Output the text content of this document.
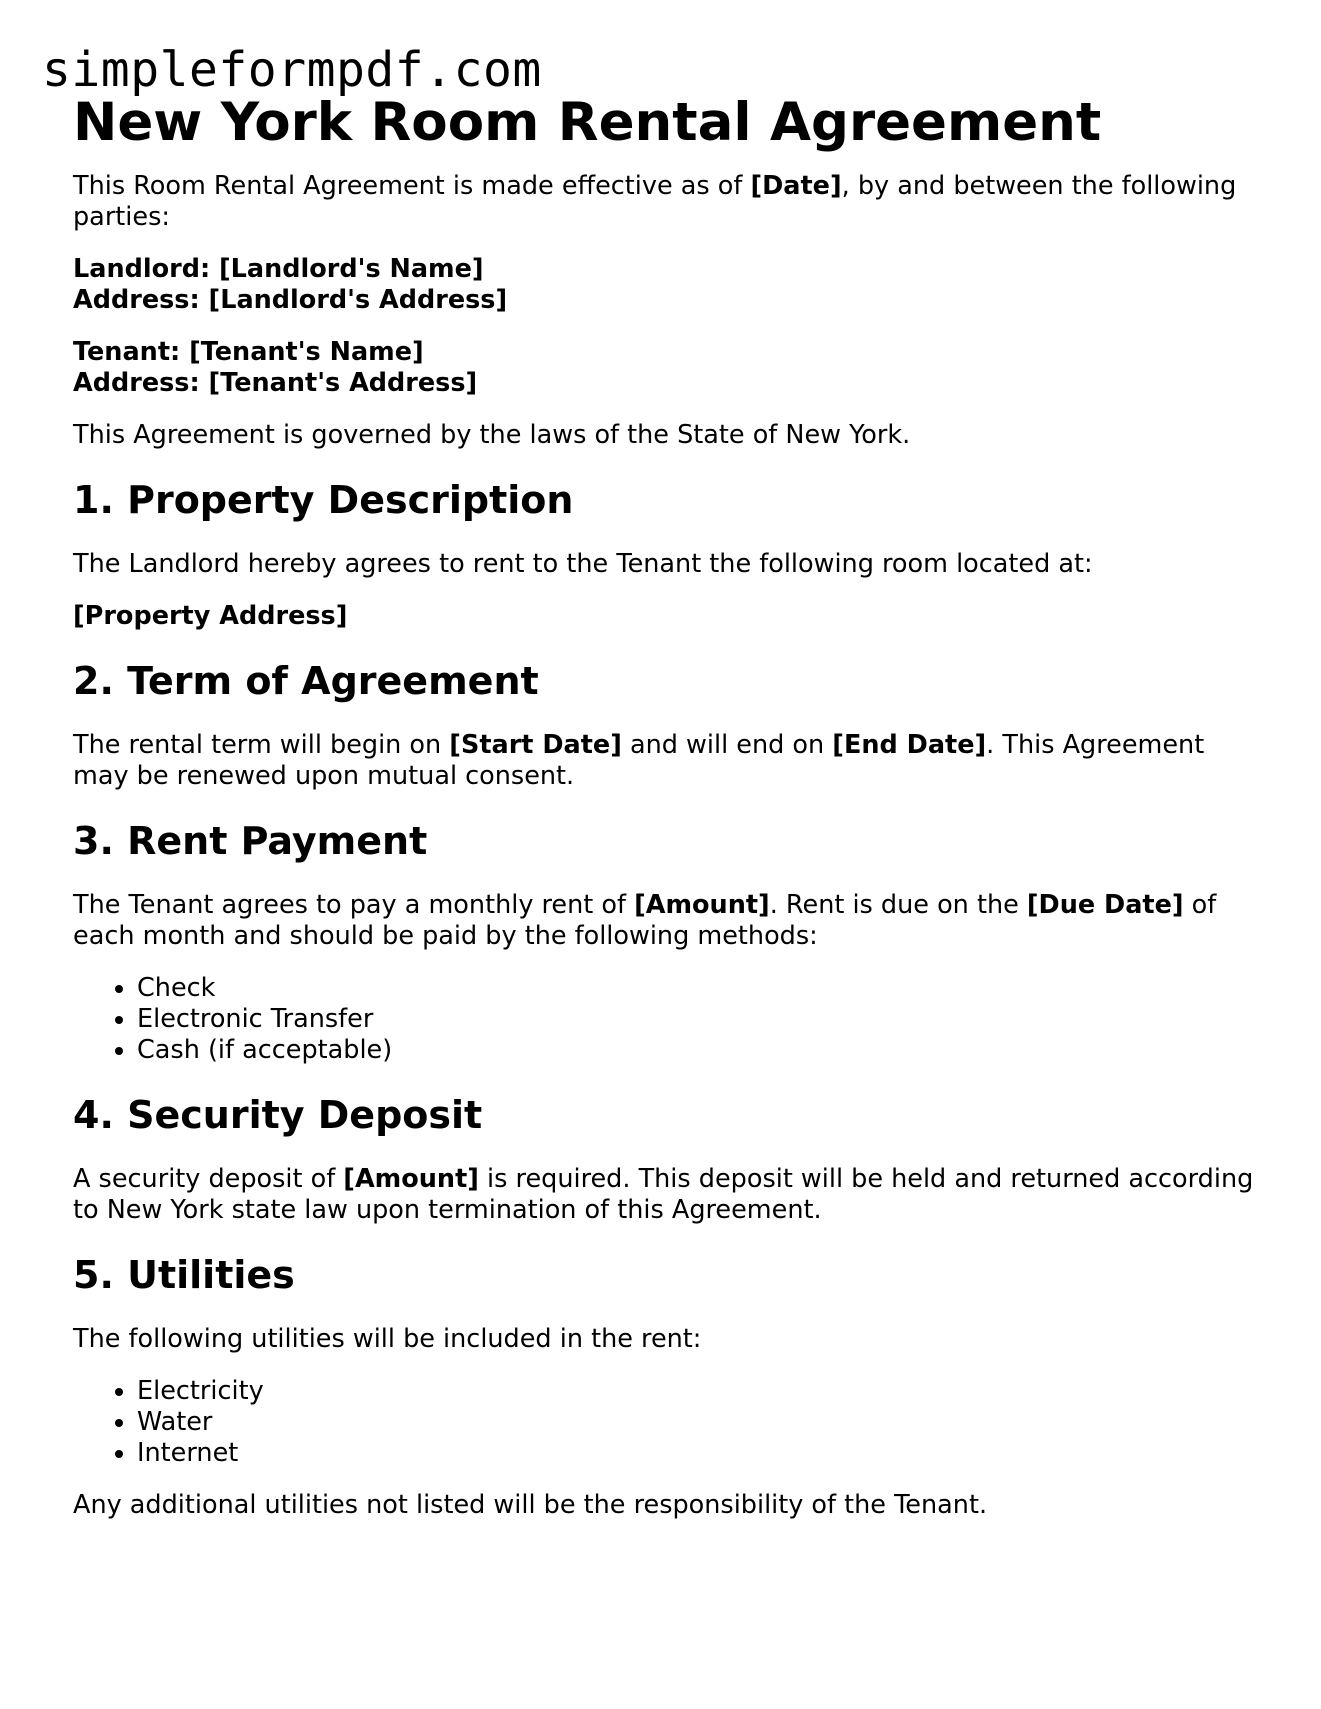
simpleformpdf.com
New York Room Rental Agreement

This Room Rental Agreement is made effective as of [Date], by and between the following parties:

Landlord: [Landlord's Name]

Address: [Landlord's Address]

Tenant: [Tenant's Name]

Address: [Tenant's Address]

This Agreement is governed by the laws of the State of New York.

1. Property Description

The Landlord hereby agrees to rent to the Tenant the following room located at:

[Property Address]

2. Term of Agreement

The rental term will begin on [Start Date] and will end on [End Date]. This Agreement may be renewed upon mutual consent.

3. Rent Payment

The Tenant agrees to pay a monthly rent of [Amount]. Rent is due on the [Due Date] of each month and should be paid by the following methods:

• Check
• Electronic Transfer
• Cash (if acceptable)
4. Security Deposit

A security deposit of [Amount] is required. This deposit will be held and returned according to New York state law upon termination of this Agreement.

5. Utilities

The following utilities will be included in the rent:

• Electricity
• Water
• Internet

Any additional utilities not listed will be the responsibility of the Tenant.
